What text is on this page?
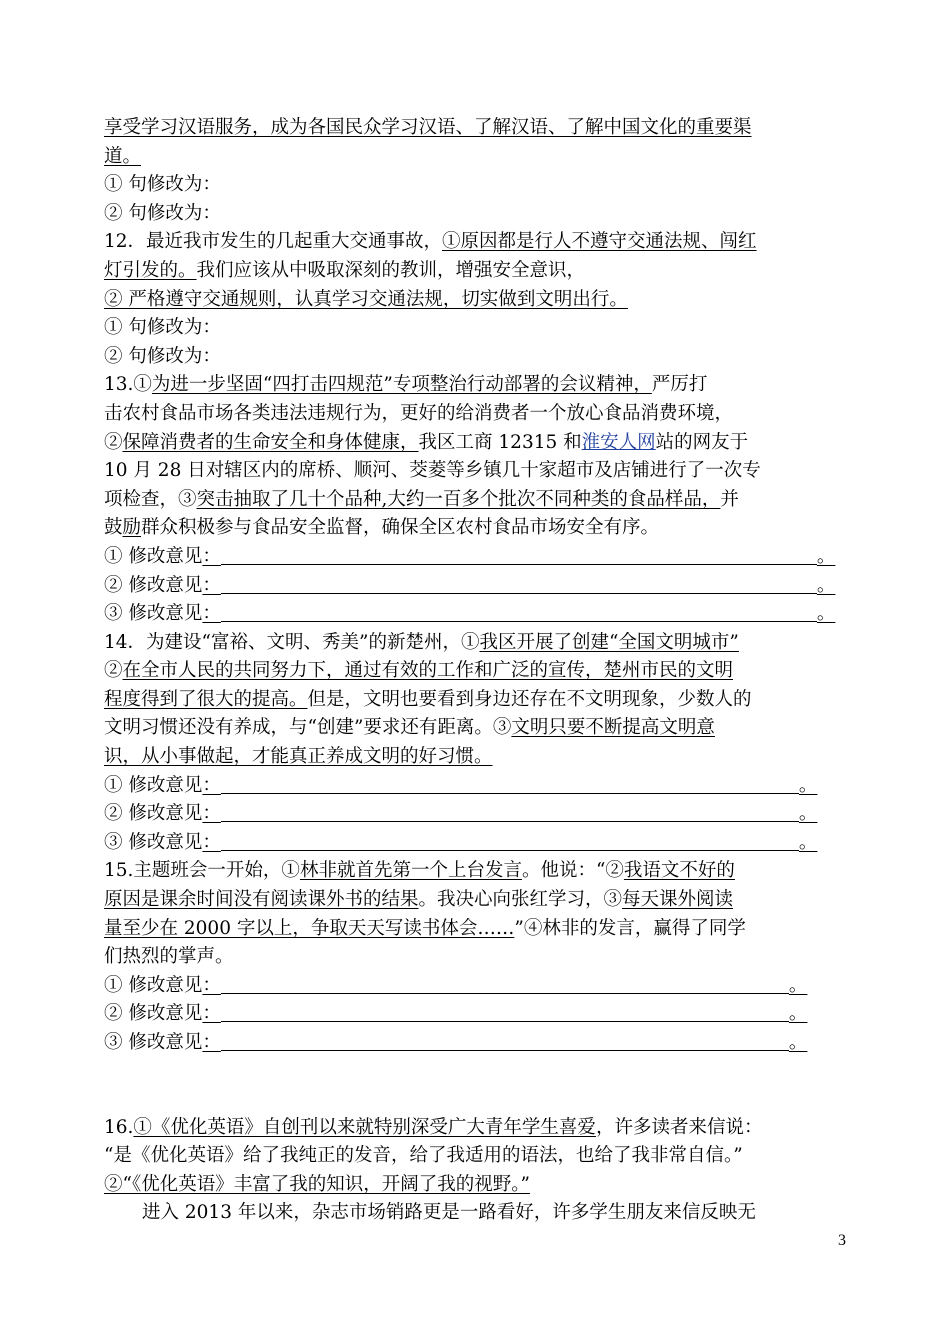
享受学习汉语服务，成为各国民众学习汉语、了解汉语、了解中国文化的重要渠

道。

① 句修改为：

② 句修改为：

12．最近我市发生的几起重大交通事故，①原因都是行人不遵守交通法规、闯红

灯引发的。我们应该从中吸取深刻的教训，增强安全意识，

② 严格遵守交通规则，认真学习交通法规，切实做到文明出行。

① 句修改为：

② 句修改为：

13.①为进一步坚固“四打击四规范”专项整治行动部署的会议精神，严厉打

击农村食品市场各类违法违规行为，更好的给消费者一个放心食品消费环境，

②保障消费者的生命安全和身体健康，我区工商 12315 和淮安人网站的网友于

10 月 28 日对辖区内的席桥、顺河、茭菱等乡镇几十家超市及店铺进行了一次专

项检查，③突击抽取了几十个品种,大约一百多个批次不同种类的食品样品，并

鼓励群众积极参与食品安全监督，确保全区农村食品市场安全有序。

① 修改意见：	。

② 修改意见：	。

③ 修改意见：	。

14．为建设“富裕、文明、秀美”的新楚州，①我区开展了创建“全国文明城市”

②在全市人民的共同努力下，通过有效的工作和广泛的宣传，楚州市民的文明

程度得到了很大的提高。但是，文明也要看到身边还存在不文明现象，少数人的

文明习惯还没有养成，与“创建”要求还有距离。③文明只要不断提高文明意

识，从小事做起，才能真正养成文明的好习惯。

① 修改意见：	。

② 修改意见：	。

③ 修改意见：	。

15.主题班会一开始，①林非就首先第一个上台发言。他说：“②我语文不好的

原因是课余时间没有阅读课外书的结果。我决心向张红学习，③每天课外阅读

量至少在 2000 字以上，争取天天写读书体会……”④林非的发言，赢得了同学

们热烈的掌声。

① 修改意见：	。

② 修改意见：	。

③ 修改意见：	。

16.①《优化英语》自创刊以来就特别深受广大青年学生喜爱，许多读者来信说：

“是《优化英语》给了我纯正的发音，给了我适用的语法，也给了我非常自信。”

②“《优化英语》丰富了我的知识，开阔了我的视野。”

进入 2013 年以来，杂志市场销路更是一路看好，许多学生朋友来信反映无

3
